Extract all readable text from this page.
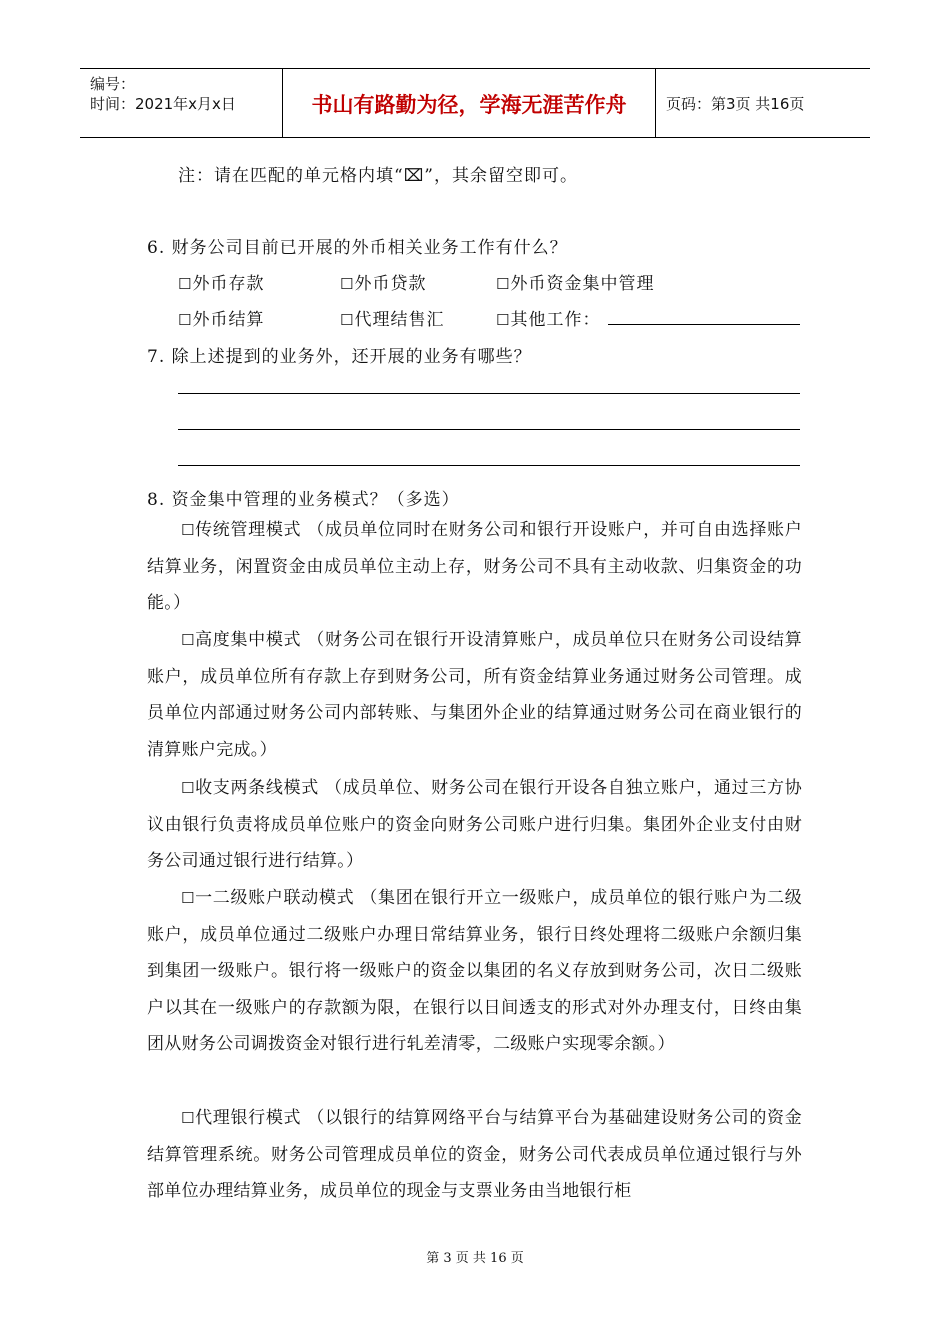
编号：
时间：2021年x月x日	书山有路勤为径，学海无涯苦作舟	页码：第3页 共16页
注：请在匹配的单元格内填“⌧”，其余留空即可。
6. 财务公司目前已开展的外币相关业务工作有什么？
☐外币存款	☐外币贷款	☐外币资金集中管理
☐外币结算	☐代理结售汇	☐其他工作：
7. 除上述提到的业务外，还开展的业务有哪些？
8. 资金集中管理的业务模式？（多选）

☐传统管理模式 （成员单位同时在财务公司和银行开设账户，并可自由选择账户结算业务，闲置资金由成员单位主动上存，财务公司不具有主动收款、归集资金的功能。）

☐高度集中模式 （财务公司在银行开设清算账户，成员单位只在财务公司设结算账户，成员单位所有存款上存到财务公司，所有资金结算业务通过财务公司管理。成员单位内部通过财务公司内部转账、与集团外企业的结算通过财务公司在商业银行的清算账户完成。）

☐收支两条线模式 （成员单位、财务公司在银行开设各自独立账户，通过三方协议由银行负责将成员单位账户的资金向财务公司账户进行归集。集团外企业支付由财务公司通过银行进行结算。）

☐一二级账户联动模式 （集团在银行开立一级账户，成员单位的银行账户为二级账户，成员单位通过二级账户办理日常结算业务，银行日终处理将二级账户余额归集到集团一级账户。银行将一级账户的资金以集团的名义存放到财务公司，次日二级账户以其在一级账户的存款额为限，在银行以日间透支的形式对外办理支付，日终由集团从财务公司调拨资金对银行进行轧差清零，二级账户实现零余额。）

☐代理银行模式 （以银行的结算网络平台与结算平台为基础建设财务公司的资金结算管理系统。财务公司管理成员单位的资金，财务公司代表成员单位通过银行与外部单位办理结算业务，成员单位的现金与支票业务由当地银行柜

第 3 页 共 16 页
